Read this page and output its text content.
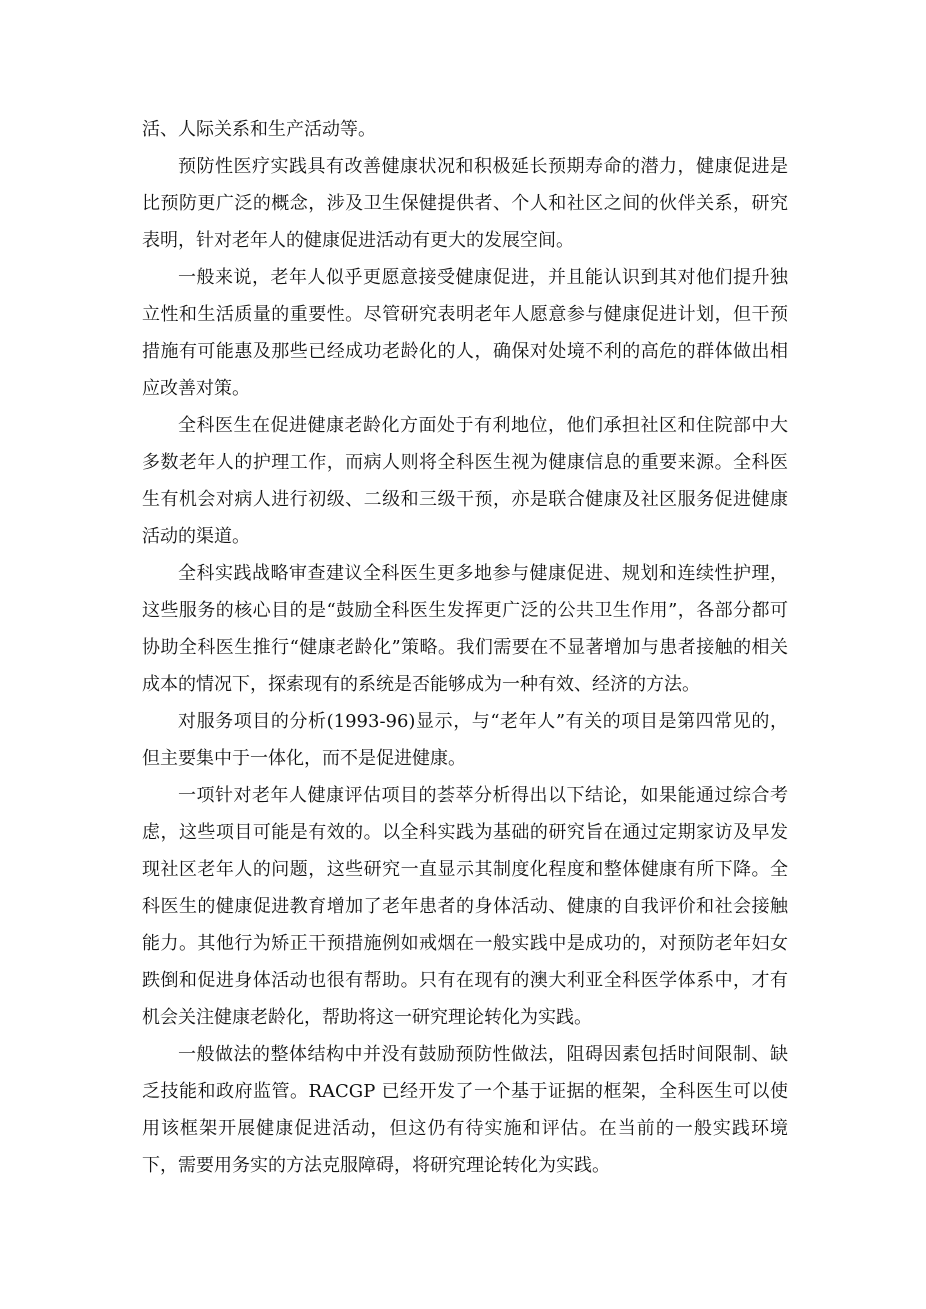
活、人际关系和生产活动等。

预防性医疗实践具有改善健康状况和积极延长预期寿命的潜力，健康促进是比预防更广泛的概念，涉及卫生保健提供者、个人和社区之间的伙伴关系，研究表明，针对老年人的健康促进活动有更大的发展空间。

一般来说，老年人似乎更愿意接受健康促进，并且能认识到其对他们提升独立性和生活质量的重要性。尽管研究表明老年人愿意参与健康促进计划，但干预措施有可能惠及那些已经成功老龄化的人，确保对处境不利的高危的群体做出相应改善对策。

全科医生在促进健康老龄化方面处于有利地位，他们承担社区和住院部中大多数老年人的护理工作，而病人则将全科医生视为健康信息的重要来源。全科医生有机会对病人进行初级、二级和三级干预，亦是联合健康及社区服务促进健康活动的渠道。

全科实践战略审查建议全科医生更多地参与健康促进、规划和连续性护理，这些服务的核心目的是“鼓励全科医生发挥更广泛的公共卫生作用”，各部分都可协助全科医生推行“健康老龄化”策略。我们需要在不显著增加与患者接触的相关成本的情况下，探索现有的系统是否能够成为一种有效、经济的方法。

对服务项目的分析(1993-96)显示，与“老年人”有关的项目是第四常见的，但主要集中于一体化，而不是促进健康。

一项针对老年人健康评估项目的荟萃分析得出以下结论，如果能通过综合考虑，这些项目可能是有效的。以全科实践为基础的研究旨在通过定期家访及早发现社区老年人的问题，这些研究一直显示其制度化程度和整体健康有所下降。全科医生的健康促进教育增加了老年患者的身体活动、健康的自我评价和社会接触能力。其他行为矫正干预措施例如戒烟在一般实践中是成功的，对预防老年妇女跌倒和促进身体活动也很有帮助。只有在现有的澳大利亚全科医学体系中，才有机会关注健康老龄化，帮助将这一研究理论转化为实践。

一般做法的整体结构中并没有鼓励预防性做法，阻碍因素包括时间限制、缺乏技能和政府监管。RACGP 已经开发了一个基于证据的框架，全科医生可以使用该框架开展健康促进活动，但这仍有待实施和评估。在当前的一般实践环境下，需要用务实的方法克服障碍，将研究理论转化为实践。
